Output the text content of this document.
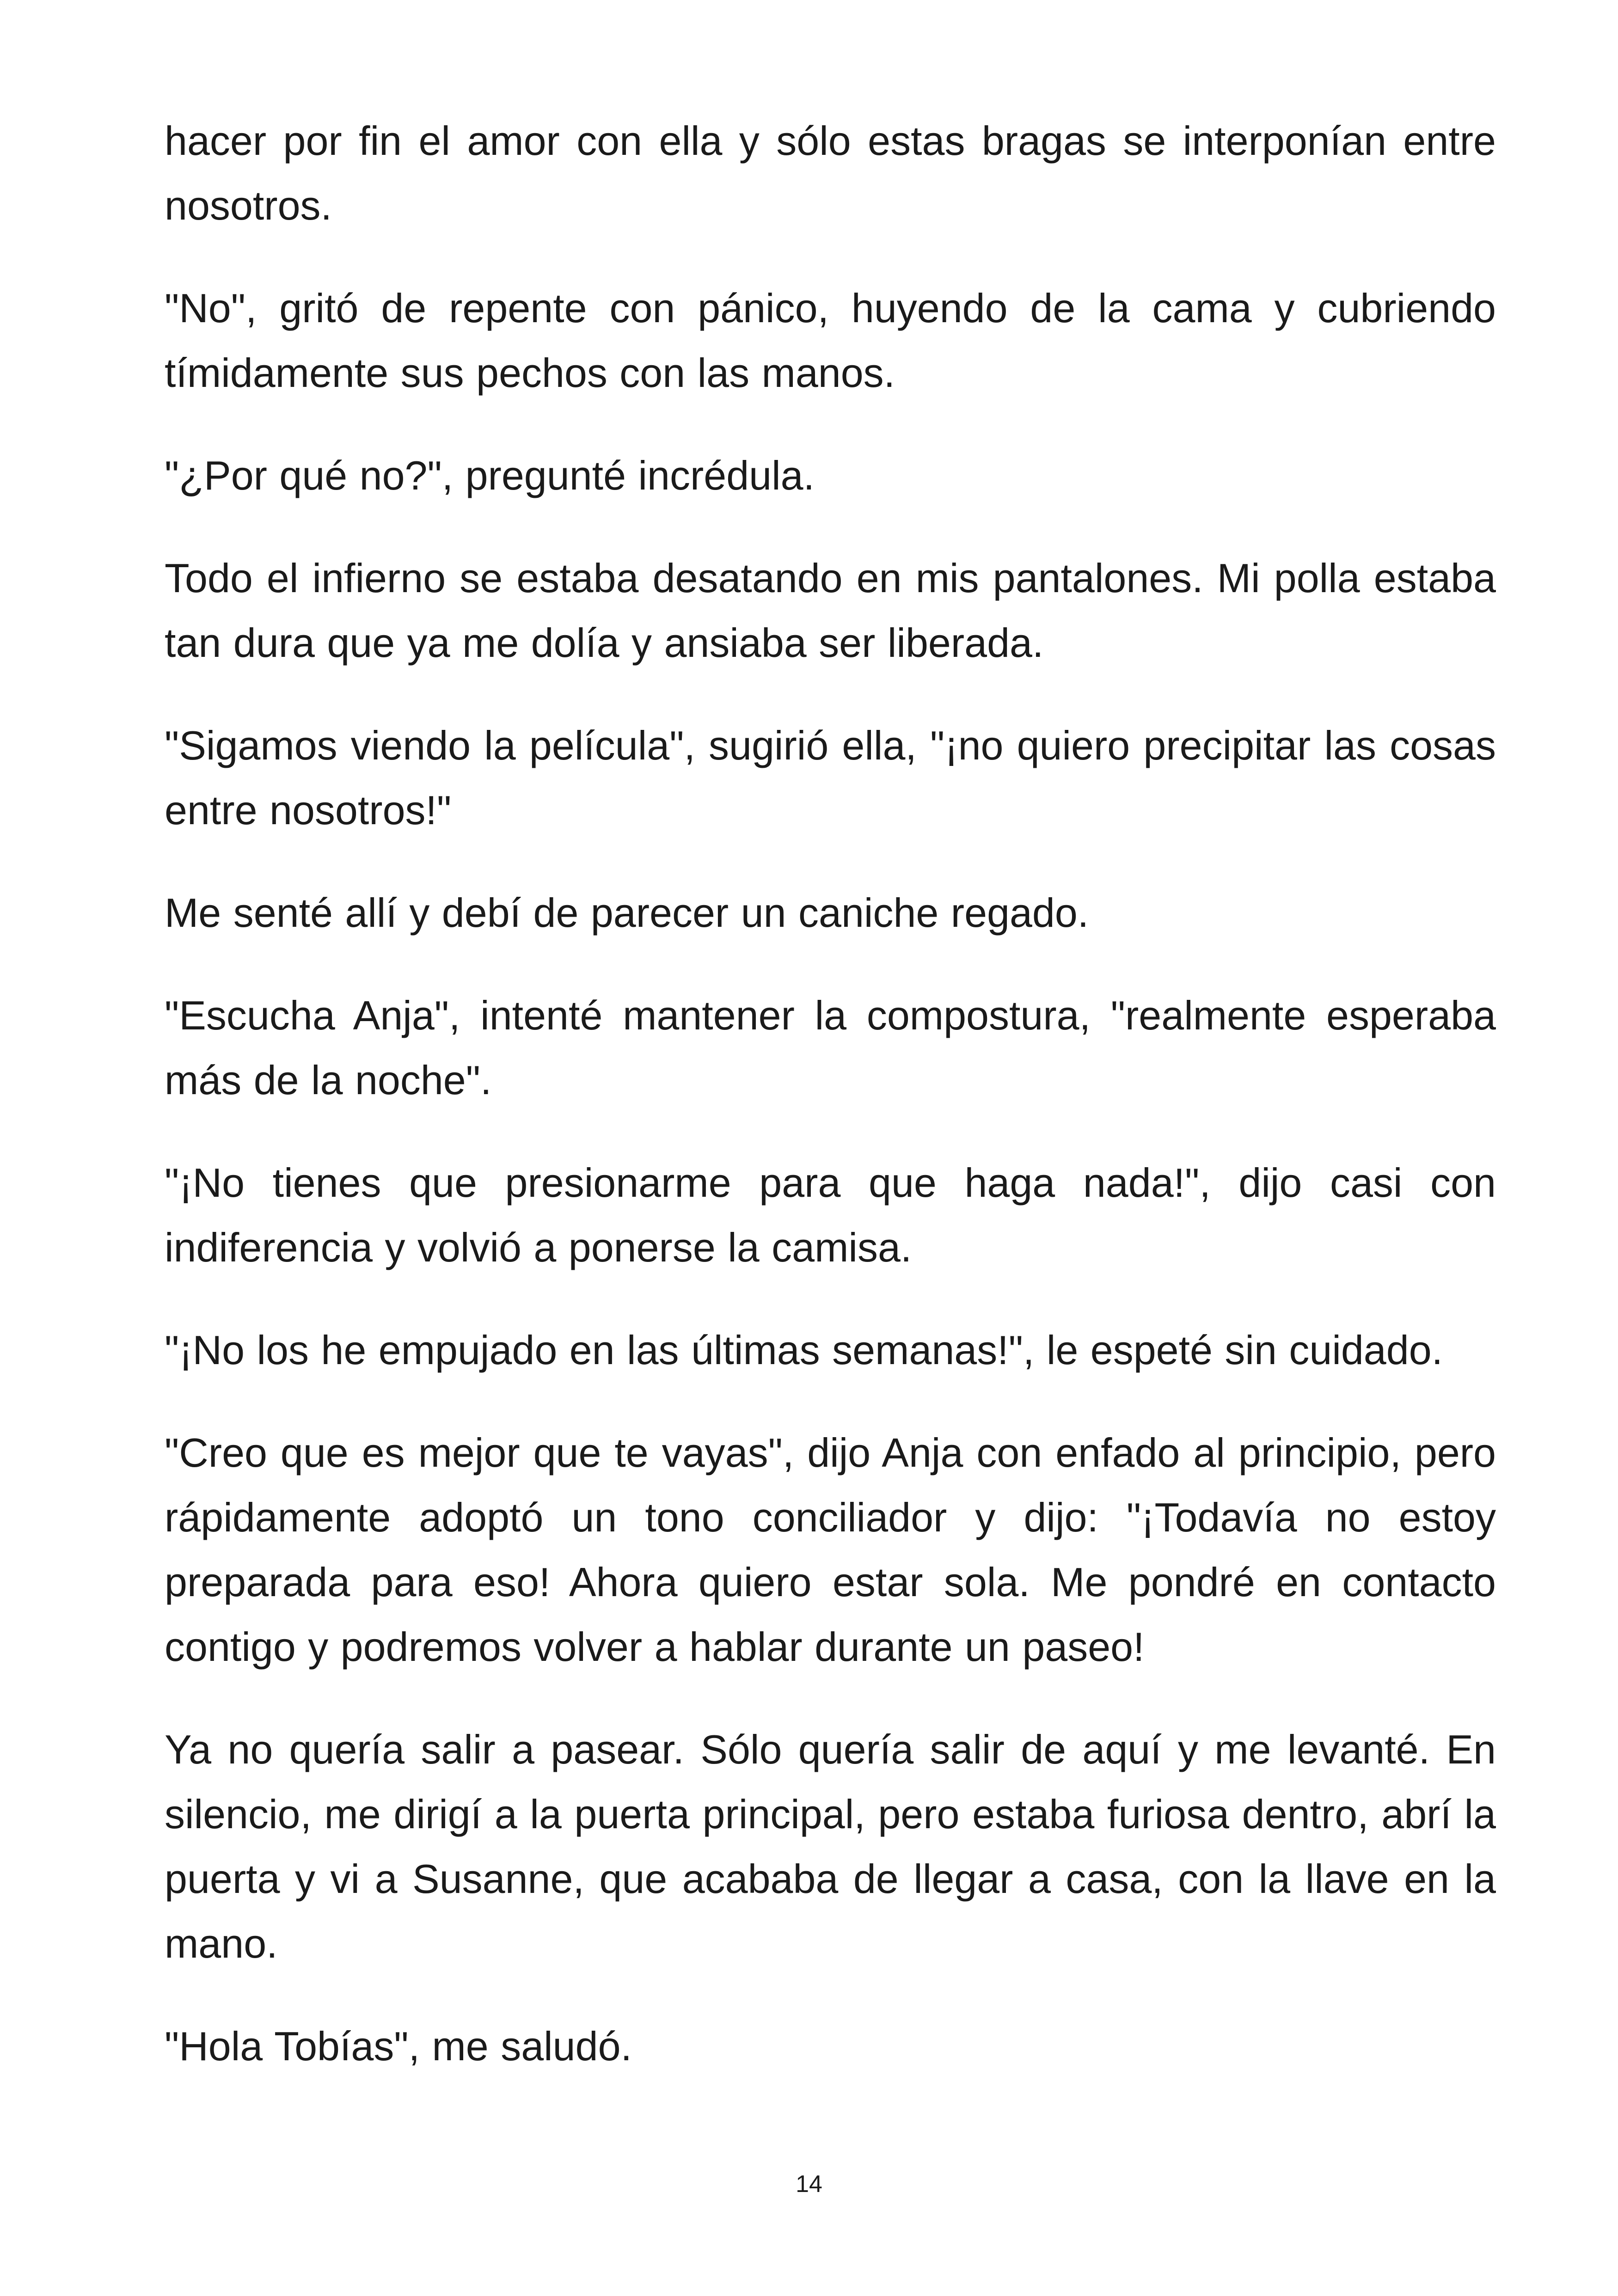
hacer por fin el amor con ella y sólo estas bragas se interponían entre nosotros.

"No", gritó de repente con pánico, huyendo de la cama y cubriendo tímidamente sus pechos con las manos.

"¿Por qué no?", pregunté incrédula.

Todo el infierno se estaba desatando en mis pantalones. Mi polla estaba tan dura que ya me dolía y ansiaba ser liberada.

"Sigamos viendo la película", sugirió ella, "¡no quiero precipitar las cosas entre nosotros!"

Me senté allí y debí de parecer un caniche regado.

"Escucha Anja", intenté mantener la compostura, "realmente esperaba más de la noche".

"¡No tienes que presionarme para que haga nada!", dijo casi con indiferencia y volvió a ponerse la camisa.

"¡No los he empujado en las últimas semanas!", le espeté sin cuidado.

"Creo que es mejor que te vayas", dijo Anja con enfado al principio, pero rápidamente adoptó un tono conciliador y dijo: "¡Todavía no estoy preparada para eso! Ahora quiero estar sola. Me pondré en contacto contigo y podremos volver a hablar durante un paseo!

Ya no quería salir a pasear. Sólo quería salir de aquí y me levanté. En silencio, me dirigí a la puerta principal, pero estaba furiosa dentro, abrí la puerta y vi a Susanne, que acababa de llegar a casa, con la llave en la mano.

"Hola Tobías", me saludó.

14
